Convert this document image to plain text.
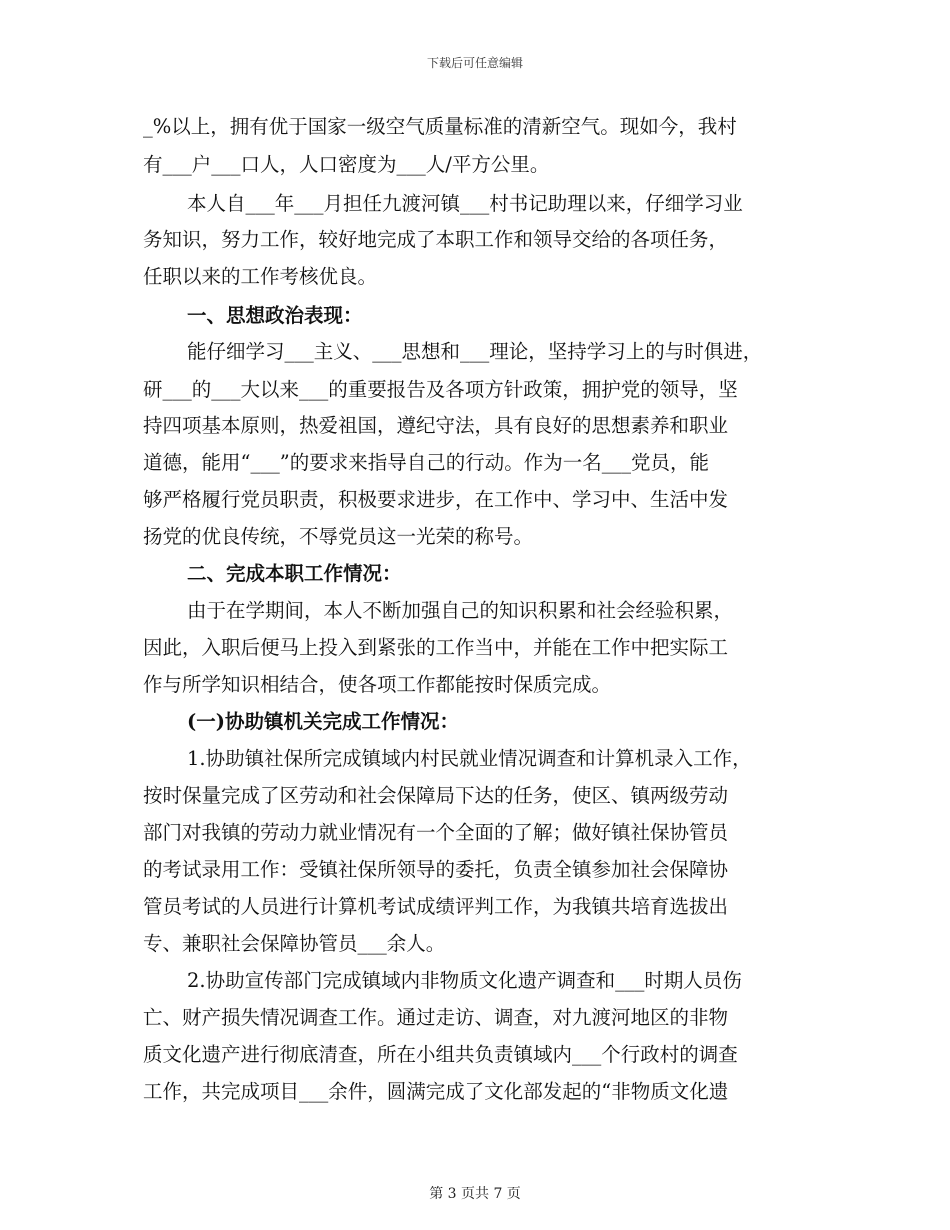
下载后可任意编辑
_%以上，拥有优于国家一级空气质量标准的清新空气。现如今，我村
有___户___口人，人口密度为___人/平方公里。
本人自___年___月担任九渡河镇___村书记助理以来，仔细学习业
务知识，努力工作，较好地完成了本职工作和领导交给的各项任务，
任职以来的工作考核优良。
一、思想政治表现：
能仔细学习___主义、___思想和___理论，坚持学习上的与时俱进，
研___的___大以来___的重要报告及各项方针政策，拥护党的领导，坚
持四项基本原则，热爱祖国，遵纪守法，具有良好的思想素养和职业
道德，能用“___”的要求来指导自己的行动。作为一名___党员，能
够严格履行党员职责，积极要求进步，在工作中、学习中、生活中发
扬党的优良传统，不辱党员这一光荣的称号。
二、完成本职工作情况：
由于在学期间，本人不断加强自己的知识积累和社会经验积累，
因此，入职后便马上投入到紧张的工作当中，并能在工作中把实际工
作与所学知识相结合，使各项工作都能按时保质完成。
(一)协助镇机关完成工作情况：
1.协助镇社保所完成镇域内村民就业情况调查和计算机录入工作，
按时保量完成了区劳动和社会保障局下达的任务，使区、镇两级劳动
部门对我镇的劳动力就业情况有一个全面的了解；做好镇社保协管员
的考试录用工作：受镇社保所领导的委托，负责全镇参加社会保障协
管员考试的人员进行计算机考试成绩评判工作，为我镇共培育选拔出
专、兼职社会保障协管员___余人。
2.协助宣传部门完成镇域内非物质文化遗产调查和___时期人员伤
亡、财产损失情况调查工作。通过走访、调查，对九渡河地区的非物
质文化遗产进行彻底清查，所在小组共负责镇域内___个行政村的调查
工作，共完成项目___余件，圆满完成了文化部发起的“非物质文化遗
第 3 页共 7 页
